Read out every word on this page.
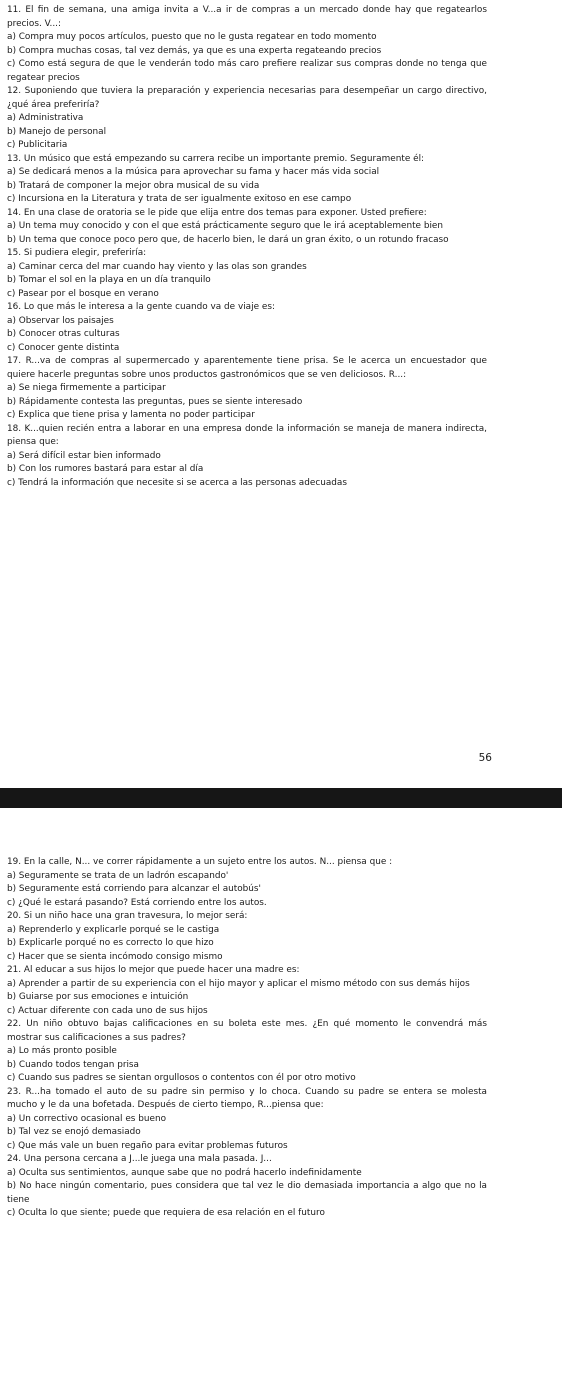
11. El fin de semana, una amiga invita a V...a ir de compras a un mercado donde hay que regatearlos precios. V...:

a) Compra muy pocos artículos, puesto que no le gusta regatear en todo momento

b) Compra muchas cosas, tal vez demás, ya que es una experta regateando precios

c) Como está segura de que le venderán todo más caro prefiere realizar sus compras donde no tenga que regatear precios

12. Suponiendo que tuviera la preparación y experiencia necesarias para desempeñar un cargo directivo, ¿qué área preferiría?

a) Administrativa

b) Manejo de personal

c) Publicitaria

13. Un músico que está empezando su carrera recibe un importante premio. Seguramente él:

a) Se dedicará menos a la música para aprovechar su fama y hacer más vida social

b) Tratará de componer la mejor obra musical de su vida

c) Incursiona en la Literatura y trata de ser igualmente exitoso en ese campo

14. En una clase de oratoria se le pide que elija entre dos temas para exponer. Usted prefiere:

a) Un tema muy conocido y con el que está prácticamente seguro que le irá aceptablemente bien

b) Un tema que conoce poco pero que, de hacerlo bien, le dará un gran éxito, o un rotundo fracaso

15. Si pudiera elegir, preferiría:

a) Caminar cerca del mar cuando hay viento y las olas son grandes

b) Tomar el sol en la playa en un día tranquilo

c) Pasear por el bosque en verano

16. Lo que más le interesa a la gente cuando va de viaje es:

a) Observar los paisajes

b) Conocer otras culturas

c) Conocer gente distinta

17. R...va de compras al supermercado y aparentemente tiene prisa. Se le acerca un encuestador que quiere hacerle preguntas sobre unos productos gastronómicos que se ven deliciosos. R...:

a) Se niega firmemente a participar

b) Rápidamente contesta las preguntas, pues se siente interesado

c) Explica que tiene prisa y lamenta no poder participar

18. K...quien recién entra a laborar en una empresa donde la información se maneja de manera indirecta, piensa que:

a) Será difícil estar bien informado

b) Con los rumores bastará para estar al día

c) Tendrá la información que necesite si se acerca a las personas adecuadas

56

19. En la calle, N... ve correr rápidamente a un sujeto entre los autos. N... piensa que :

a) Seguramente se trata de un ladrón escapando'

b) Seguramente está corriendo para alcanzar el autobús'

c) ¿Qué le estará pasando? Está corriendo entre los autos.

20. Si un niño hace una gran travesura, lo mejor será:

a) Reprenderlo y explicarle porqué se le castiga

b) Explicarle porqué no es correcto lo que hizo

c) Hacer que se sienta incómodo consigo mismo

21. Al educar a sus hijos lo mejor que puede hacer una madre es:

a) Aprender a partir de su experiencia con el hijo mayor y aplicar el mismo método con sus demás hijos

b) Guiarse por sus emociones e intuición

c) Actuar diferente con cada uno de sus hijos

22. Un niño obtuvo bajas calificaciones en su boleta este mes. ¿En qué momento le convendrá más mostrar sus calificaciones a sus padres?

a) Lo más pronto posible

b) Cuando todos tengan prisa

c) Cuando sus padres se sientan orgullosos o contentos con él por otro motivo

23. R...ha tomado el auto de su padre sin permiso y lo choca. Cuando su padre se entera se molesta mucho y le da una bofetada. Después de cierto tiempo, R...piensa que:

a) Un correctivo ocasional es bueno

b) Tal vez se enojó demasiado

c) Que más vale un buen regaño para evitar problemas futuros

24. Una persona cercana a J...le juega una mala pasada. J...

a) Oculta sus sentimientos, aunque sabe que no podrá hacerlo indefinidamente

b) No hace ningún comentario, pues considera que tal vez le dio demasiada importancia a algo que no la tiene

c) Oculta lo que siente; puede que requiera de esa relación en el futuro
